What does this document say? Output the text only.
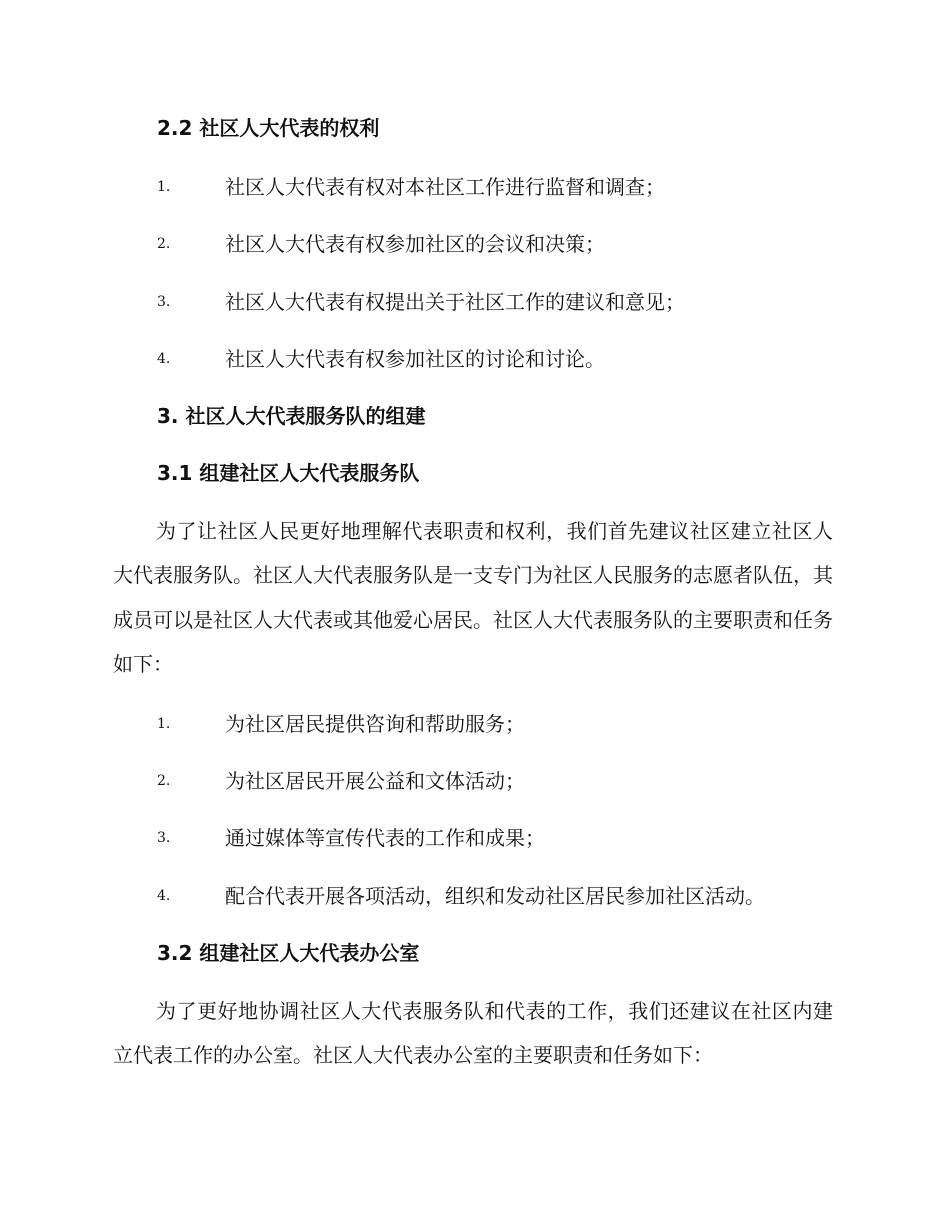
2.2 社区人大代表的权利
1.	社区人大代表有权对本社区工作进行监督和调查；
2.	社区人大代表有权参加社区的会议和决策；
3.	社区人大代表有权提出关于社区工作的建议和意见；
4.	社区人大代表有权参加社区的讨论和讨论。
3. 社区人大代表服务队的组建
3.1 组建社区人大代表服务队

为了让社区人民更好地理解代表职责和权利，我们首先建议社区建立社区人大代表服务队。社区人大代表服务队是一支专门为社区人民服务的志愿者队伍，其成员可以是社区人大代表或其他爱心居民。社区人大代表服务队的主要职责和任务如下：

1.	为社区居民提供咨询和帮助服务；
2.	为社区居民开展公益和文体活动；
3.	通过媒体等宣传代表的工作和成果；
4.	配合代表开展各项活动，组织和发动社区居民参加社区活动。
3.2 组建社区人大代表办公室

为了更好地协调社区人大代表服务队和代表的工作，我们还建议在社区内建立代表工作的办公室。社区人大代表办公室的主要职责和任务如下：
